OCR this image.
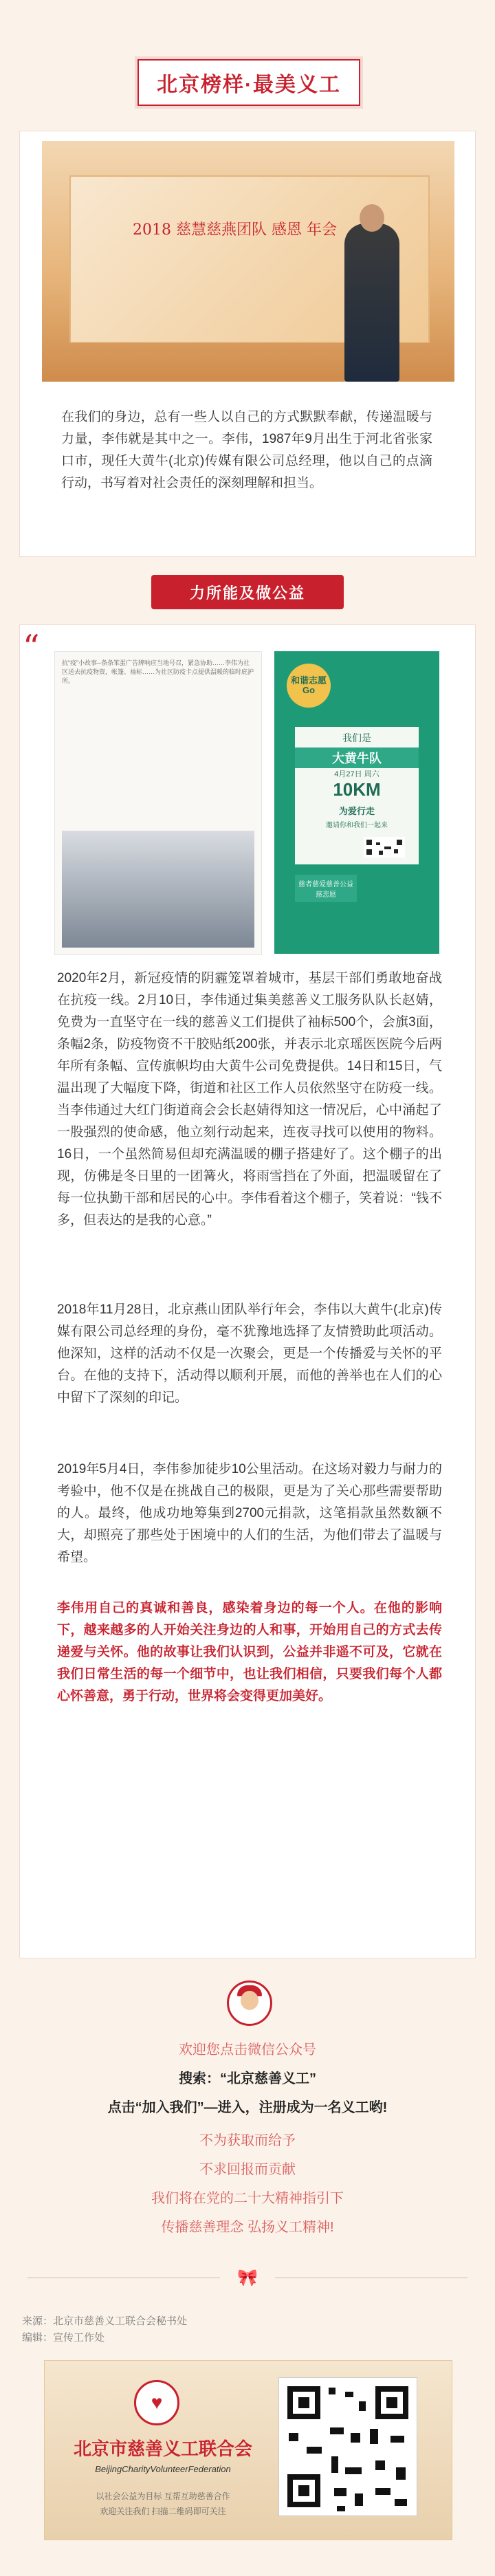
北京榜样·最美义工
2018 慈慧慈燕团队 感恩 年会
在我们的身边，总有一些人以自己的方式默默奉献，传递温暖与力量，李伟就是其中之一。李伟，1987年9月出生于河北省张家口市，现任大黄牛(北京)传媒有限公司总经理，他以自己的点滴行动，书写着对社会责任的深刻理解和担当。
力所能及做公益
“	抗“疫”小故事--条条笨蛋广告牌响应当地号召，紧急协助……李伟为社区送去抗疫物资，帐篷、袖标……为社区防疫卡点提供温暖的临时庇护所。	和谐志愿Go
我们是
大黄牛队
4月27日 周六
10KM
为爱行走
邀请你和我们一起来
慈者慈爱慈善公益 慈悲愿
2020年2月，新冠疫情的阴霾笼罩着城市，基层干部们勇敢地奋战在抗疫一线。2月10日，李伟通过集美慈善义工服务队队长赵婧，免费为一直坚守在一线的慈善义工们提供了袖标500个，会旗3面，条幅2条，防疫物资不干胶贴纸200张，并表示北京瑶医医院今后两年所有条幅、宣传旗帜均由大黄牛公司免费提供。14日和15日，气温出现了大幅度下降，街道和社区工作人员依然坚守在防疫一线。当李伟通过大红门街道商会会长赵婧得知这一情况后，心中涌起了一股强烈的使命感，他立刻行动起来，连夜寻找可以使用的物料。16日，一个虽然简易但却充满温暖的棚子搭建好了。这个棚子的出现，仿佛是冬日里的一团篝火，将雨雪挡在了外面，把温暖留在了每一位执勤干部和居民的心中。李伟看着这个棚子，笑着说：“钱不多，但表达的是我的心意。”
2018年11月28日，北京燕山团队举行年会，李伟以大黄牛(北京)传媒有限公司总经理的身份，毫不犹豫地选择了友情赞助此项活动。他深知，这样的活动不仅是一次聚会，更是一个传播爱与关怀的平台。在他的支持下，活动得以顺利开展，而他的善举也在人们的心中留下了深刻的印记。
2019年5月4日，李伟参加徒步10公里活动。在这场对毅力与耐力的考验中，他不仅是在挑战自己的极限，更是为了关心那些需要帮助的人。最终，他成功地筹集到2700元捐款，这笔捐款虽然数额不大，却照亮了那些处于困境中的人们的生活，为他们带去了温暖与希望。
李伟用自己的真诚和善良，感染着身边的每一个人。在他的影响下，越来越多的人开始关注身边的人和事，开始用自己的方式去传递爱与关怀。他的故事让我们认识到，公益并非遥不可及，它就在我们日常生活的每一个细节中，也让我们相信，只要我们每个人都心怀善意，勇于行动，世界将会变得更加美好。
欢迎您点击微信公众号
搜索：“北京慈善义工”
点击“加入我们”—进入，注册成为一名义工哟!
不为获取而给予
不求回报而贡献
我们将在党的二十大精神指引下
传播慈善理念 弘扬义工精神!
🎀
来源：北京市慈善义工联合会秘书处
编辑：宣传工作处
♥
北京市慈善义工联合会
BeijingCharityVolunteerFederation
以社会公益为目标 互帮互助慈善合作
欢迎关注我们 扫描二维码即可关注
